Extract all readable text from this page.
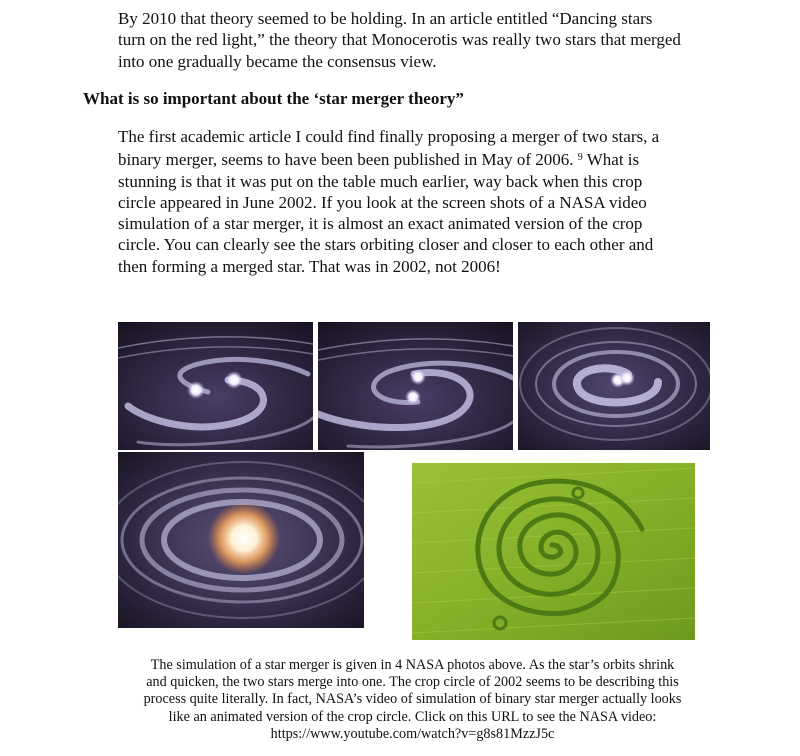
By 2010 that theory seemed to be holding. In an article entitled “Dancing stars turn on the red light,” the theory that Monocerotis was really two stars that merged into one gradually became the consensus view.

What is so important about the ‘star merger theory”

The first academic article I could find finally proposing a merger of two stars, a binary merger, seems to have been been published in May of 2006. $^9$ What is stunning is that it was put on the table much earlier, way back when this crop circle appeared in June 2002. If you look at the screen shots of a NASA video simulation of a star merger, it is almost an exact animated version of the crop circle. You can clearly see the stars orbiting closer and closer to each other and then forming a merged star. That was in 2002, not 2006!

The simulation of a star merger is given in 4 NASA photos above. As the star’s orbits shrink
and quicken, the two stars merge into one. The crop circle of 2002 seems to be describing this
process quite literally. In fact, NASA’s video of simulation of binary star merger actually looks
like an animated version of the crop circle. Click on this URL to see the NASA video:
https://www.youtube.com/watch?v=g8s81MzzJ5c
